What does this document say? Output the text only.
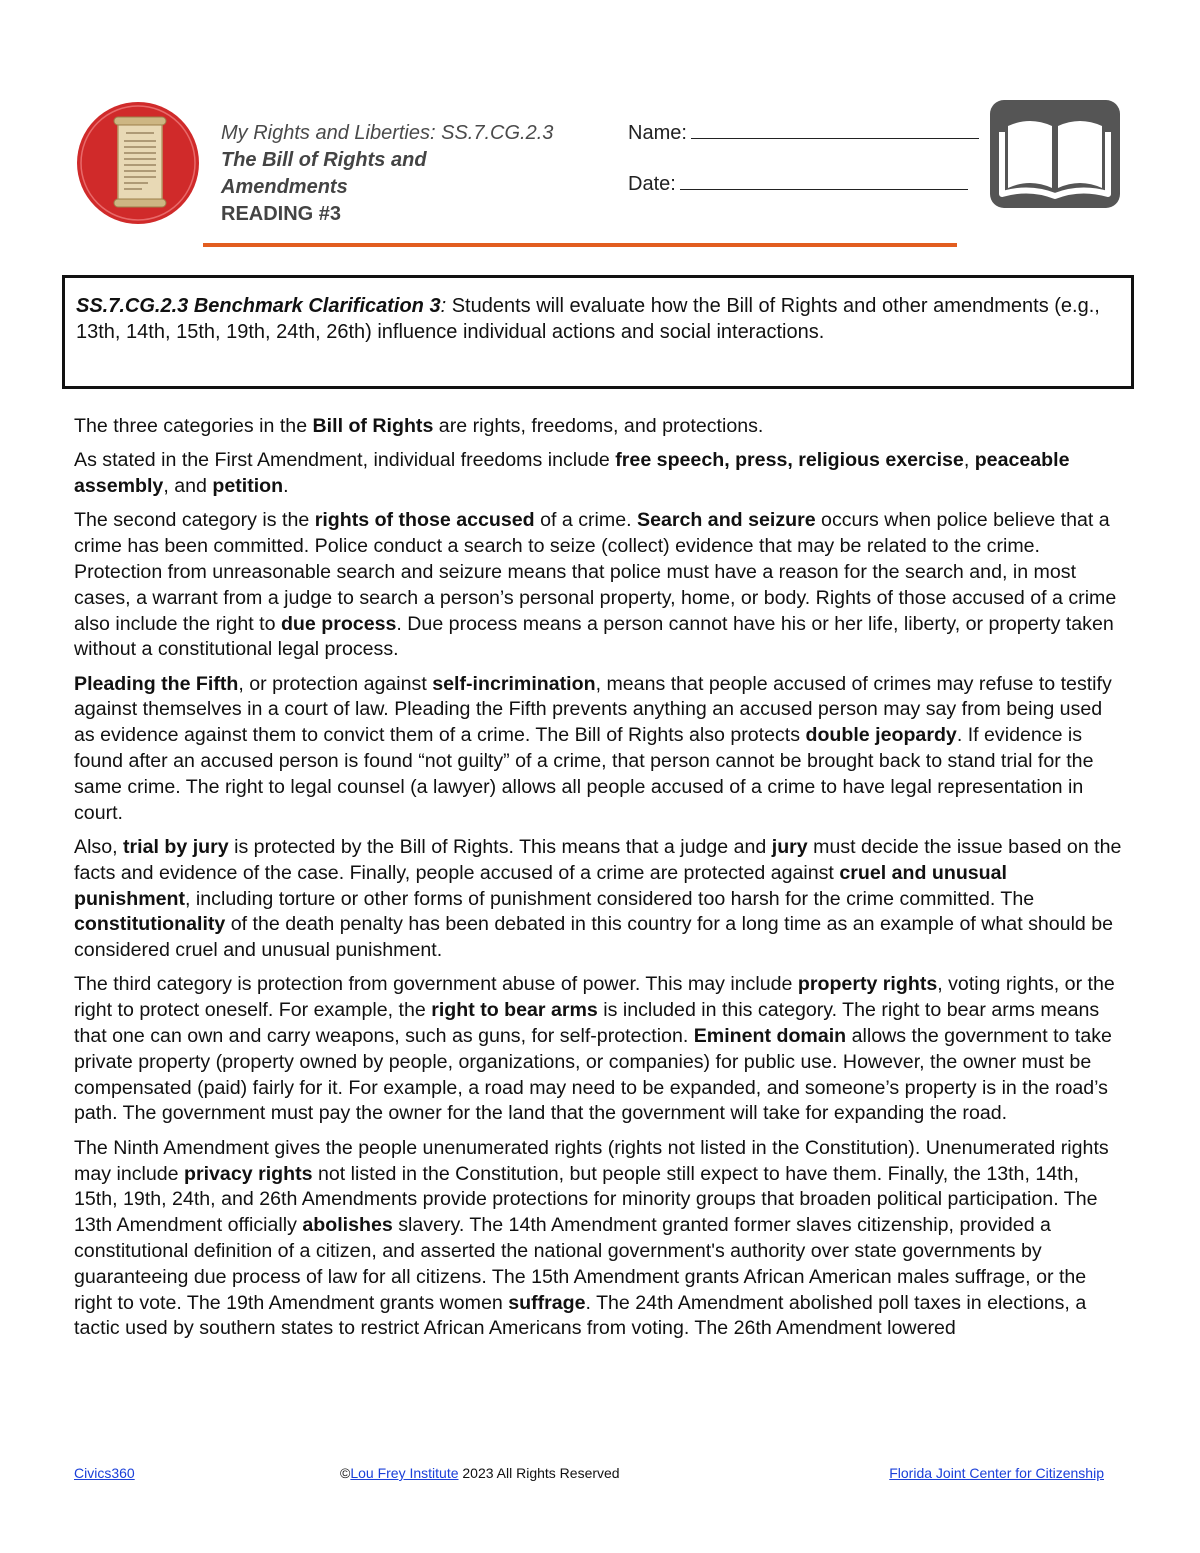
My Rights and Liberties: SS.7.CG.2.3
The Bill of Rights and
Amendments
READING #3
Name:
Date:
SS.7.CG.2.3 Benchmark Clarification 3: Students will evaluate how the Bill of Rights and other amendments (e.g., 13th, 14th, 15th, 19th, 24th, 26th) influence individual actions and social interactions.

The three categories in the Bill of Rights are rights, freedoms, and protections.

As stated in the First Amendment, individual freedoms include free speech, press, religious exercise, peaceable assembly, and petition.

The second category is the rights of those accused of a crime. Search and seizure occurs when police believe that a crime has been committed. Police conduct a search to seize (collect) evidence that may be related to the crime. Protection from unreasonable search and seizure means that police must have a reason for the search and, in most cases, a warrant from a judge to search a person’s personal property, home, or body. Rights of those accused of a crime also include the right to due process. Due process means a person cannot have his or her life, liberty, or property taken without a constitutional legal process.

Pleading the Fifth, or protection against self-incrimination, means that people accused of crimes may refuse to testify against themselves in a court of law. Pleading the Fifth prevents anything an accused person may say from being used as evidence against them to convict them of a crime. The Bill of Rights also protects double jeopardy. If evidence is found after an accused person is found “not guilty” of a crime, that person cannot be brought back to stand trial for the same crime. The right to legal counsel (a lawyer) allows all people accused of a crime to have legal representation in court.

Also, trial by jury is protected by the Bill of Rights. This means that a judge and jury must decide the issue based on the facts and evidence of the case. Finally, people accused of a crime are protected against cruel and unusual punishment, including torture or other forms of punishment considered too harsh for the crime committed. The constitutionality of the death penalty has been debated in this country for a long time as an example of what should be considered cruel and unusual punishment.

The third category is protection from government abuse of power. This may include property rights, voting rights, or the right to protect oneself. For example, the right to bear arms is included in this category. The right to bear arms means that one can own and carry weapons, such as guns, for self-protection. Eminent domain allows the government to take private property (property owned by people, organizations, or companies) for public use. However, the owner must be compensated (paid) fairly for it. For example, a road may need to be expanded, and someone’s property is in the road’s path. The government must pay the owner for the land that the government will take for expanding the road.

The Ninth Amendment gives the people unenumerated rights (rights not listed in the Constitution). Unenumerated rights may include privacy rights not listed in the Constitution, but people still expect to have them. Finally, the 13th, 14th, 15th, 19th, 24th, and 26th Amendments provide protections for minority groups that broaden political participation. The 13th Amendment officially abolishes slavery. The 14th Amendment granted former slaves citizenship, provided a constitutional definition of a citizen, and asserted the national government's authority over state governments by guaranteeing due process of law for all citizens. The 15th Amendment grants African American males suffrage, or the right to vote. The 19th Amendment grants women suffrage. The 24th Amendment abolished poll taxes in elections, a tactic used by southern states to restrict African Americans from voting. The 26th Amendment lowered

Civics360	©Lou Frey Institute 2023 All Rights Reserved	Florida Joint Center for Citizenship
